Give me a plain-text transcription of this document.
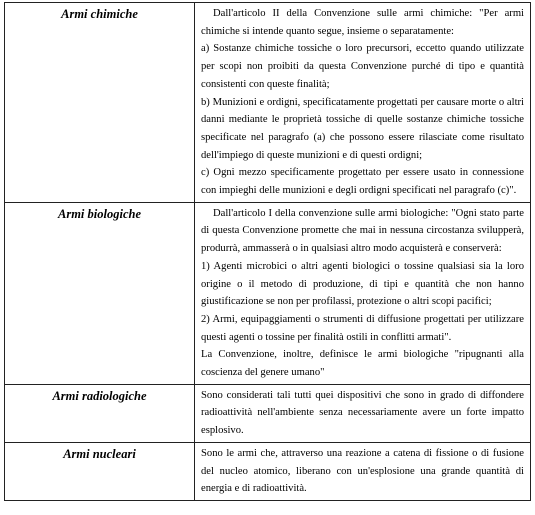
Armi chimiche	Dall'articolo II della Convenzione sulle armi chimiche: "Per armi chimiche si intende quanto segue, insieme o separatamente:

a) Sostanze chimiche tossiche o loro precursori, eccetto quando utilizzate per scopi non proibiti da questa Convenzione purché di tipo e quantità consistenti con queste finalità;

b) Munizioni e ordigni, specificatamente progettati per causare morte o altri danni mediante le proprietà tossiche di quelle sostanze chimiche tossiche specificate nel paragrafo (a) che possono essere rilasciate come risultato dell'impiego di queste munizioni e di questi ordigni;

c) Ogni mezzo specificamente progettato per essere usato in connessione con impieghi delle munizioni e degli ordigni specificati nel paragrafo (c)".

Armi biologiche	Dall'articolo I della convenzione sulle armi biologiche: "Ogni stato parte di questa Convenzione promette che mai in nessuna circostanza svilupperà, produrrà, ammasserà o in qualsiasi altro modo acquisterà e conserverà:

1) Agenti microbici o altri agenti biologici o tossine qualsiasi sia la loro origine o il metodo di produzione, di tipi e quantità che non hanno giustificazione se non per profilassi, protezione o altri scopi pacifici;

2) Armi, equipaggiamenti o strumenti di diffusione progettati per utilizzare questi agenti o tossine per finalità ostili in conflitti armati".

La Convenzione, inoltre, definisce le armi biologiche "ripugnanti alla coscienza del genere umano"

Armi radiologiche	Sono considerati tali tutti quei dispositivi che sono in grado di diffondere radioattività nell'ambiente senza necessariamente avere un forte impatto esplosivo.

Armi nucleari	Sono le armi che, attraverso una reazione a catena di fissione o di fusione del nucleo atomico, liberano con un'esplosione una grande quantità di energia e di radioattività.
